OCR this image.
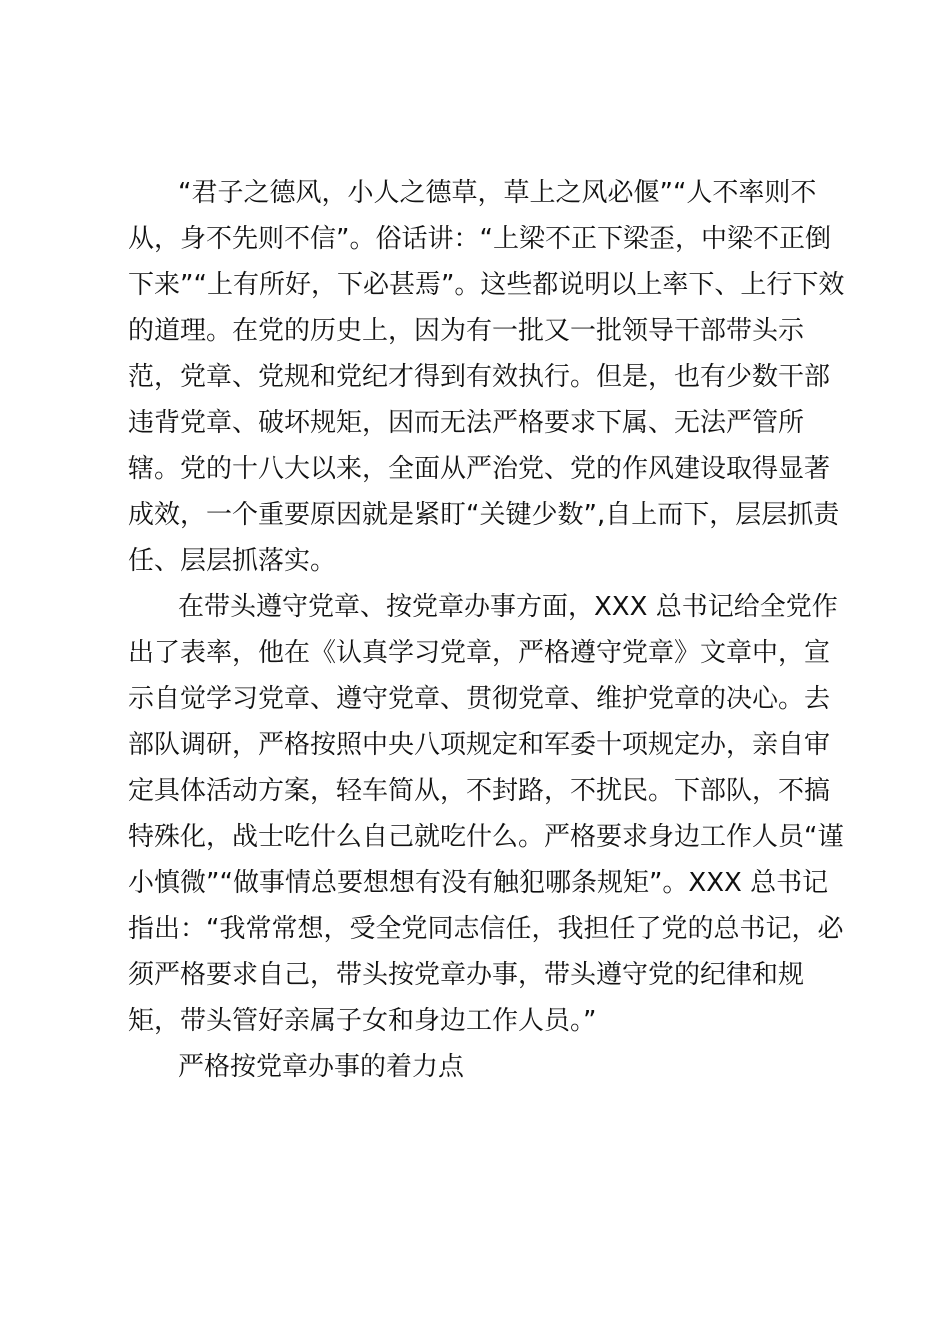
“君子之德风，小人之德草，草上之风必偃”“人不率则不
从，身不先则不信”。俗话讲：“上梁不正下梁歪，中梁不正倒
下来”“上有所好，下必甚焉”。这些都说明以上率下、上行下效
的道理。在党的历史上，因为有一批又一批领导干部带头示
范，党章、党规和党纪才得到有效执行。但是，也有少数干部
违背党章、破坏规矩，因而无法严格要求下属、无法严管所
辖。党的十八大以来，全面从严治党、党的作风建设取得显著
成效，一个重要原因就是紧盯“关键少数”,自上而下，层层抓责
任、层层抓落实。
在带头遵守党章、按党章办事方面，XXX 总书记给全党作
出了表率，他在《认真学习党章，严格遵守党章》文章中，宣
示自觉学习党章、遵守党章、贯彻党章、维护党章的决心。去
部队调研，严格按照中央八项规定和军委十项规定办，亲自审
定具体活动方案，轻车简从，不封路，不扰民。下部队，不搞
特殊化，战士吃什么自己就吃什么。严格要求身边工作人员“谨
小慎微”“做事情总要想想有没有触犯哪条规矩”。XXX 总书记
指出：“我常常想，受全党同志信任，我担任了党的总书记，必
须严格要求自己，带头按党章办事，带头遵守党的纪律和规
矩，带头管好亲属子女和身边工作人员。”
严格按党章办事的着力点
